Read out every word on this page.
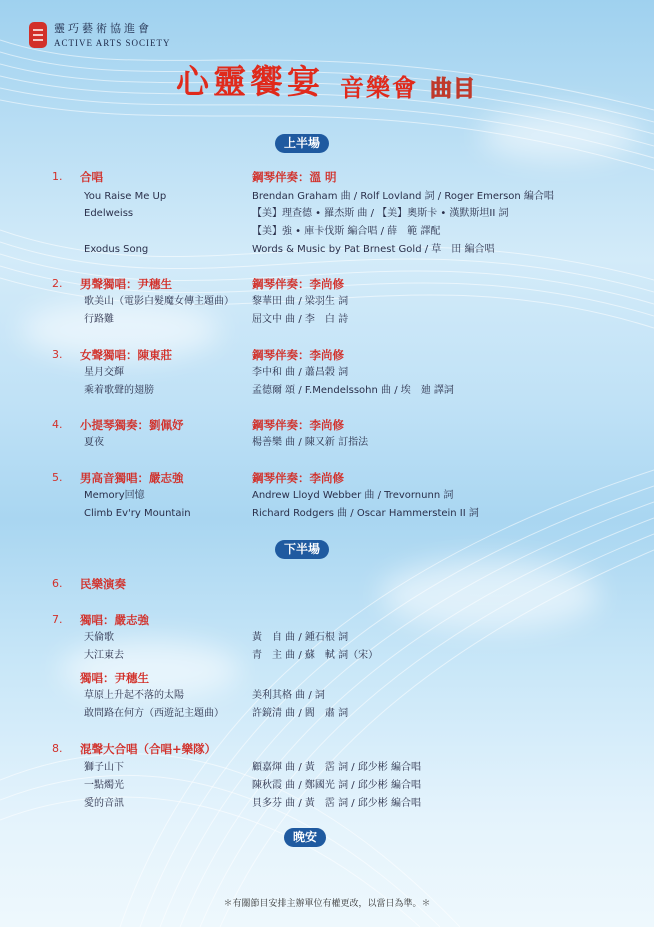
靈巧藝術協進會
ACTIVE ARTS SOCIETY
心靈饗宴 音樂會 曲目
上半場
1. 合唱	鋼琴伴奏：溫 明
You Raise Me Up	Brendan Graham 曲 / Rolf Lovland 詞 / Roger Emerson 編合唱
Edelweiss	【美】理查德 • 羅杰斯 曲 / 【美】奧斯卡 • 漢默斯坦II 詞
【美】強 • 庫卡伐斯 編合唱 / 薛　範 譯配
Exodus Song	Words & Music by Pat Brnest Gold / 草　田 編合唱
2. 男聲獨唱：尹穗生	鋼琴伴奏：李尚修
歌美山（電影白髮魔女傳主題曲） 黎華田 曲 / 梁羽生 詞
行路難	屈文中 曲 / 李　白 詩
3. 女聲獨唱：陳東莊	鋼琴伴奏：李尚修
星月交輝	李中和 曲 / 蕭昌榖 詞
乘着歌聲的翅膀	孟德爾 頌 / F.Mendelssohn 曲 / 埃　廸 譯詞
4. 小提琴獨奏：劉佩妤	鋼琴伴奏：李尚修
夏夜	楊善樂 曲 / 陳又新 訂指法
5. 男高音獨唱：嚴志強	鋼琴伴奏：李尚修
Memory回憶	Andrew Lloyd Webber 曲 / Trevornunn 詞
Climb Ev'ry Mountain	Richard Rodgers 曲 / Oscar Hammerstein II 詞
下半場
6. 民樂演奏
7. 獨唱：嚴志強
天倫歌	黃　自 曲 / 鍾石根 詞
大江東去	青　主 曲 / 蘇　軾 詞（宋）
獨唱：尹穗生
草原上升起不落的太陽	美利其格 曲 / 詞
敢問路在何方（西遊記主題曲）	許鏡清 曲 / 閻　肅 詞
8. 混聲大合唱（合唱+樂隊）
獅子山下	顧嘉煇 曲 / 黃　霑 詞 / 邱少彬 編合唱
一點燭光	陳秋霞 曲 / 鄭國光 詞 / 邱少彬 編合唱
愛的音訊	貝多芬 曲 / 黃　霑 詞 / 邱少彬 編合唱
晚安
＊有關節目安排主辦單位有權更改，以當日為準。＊
